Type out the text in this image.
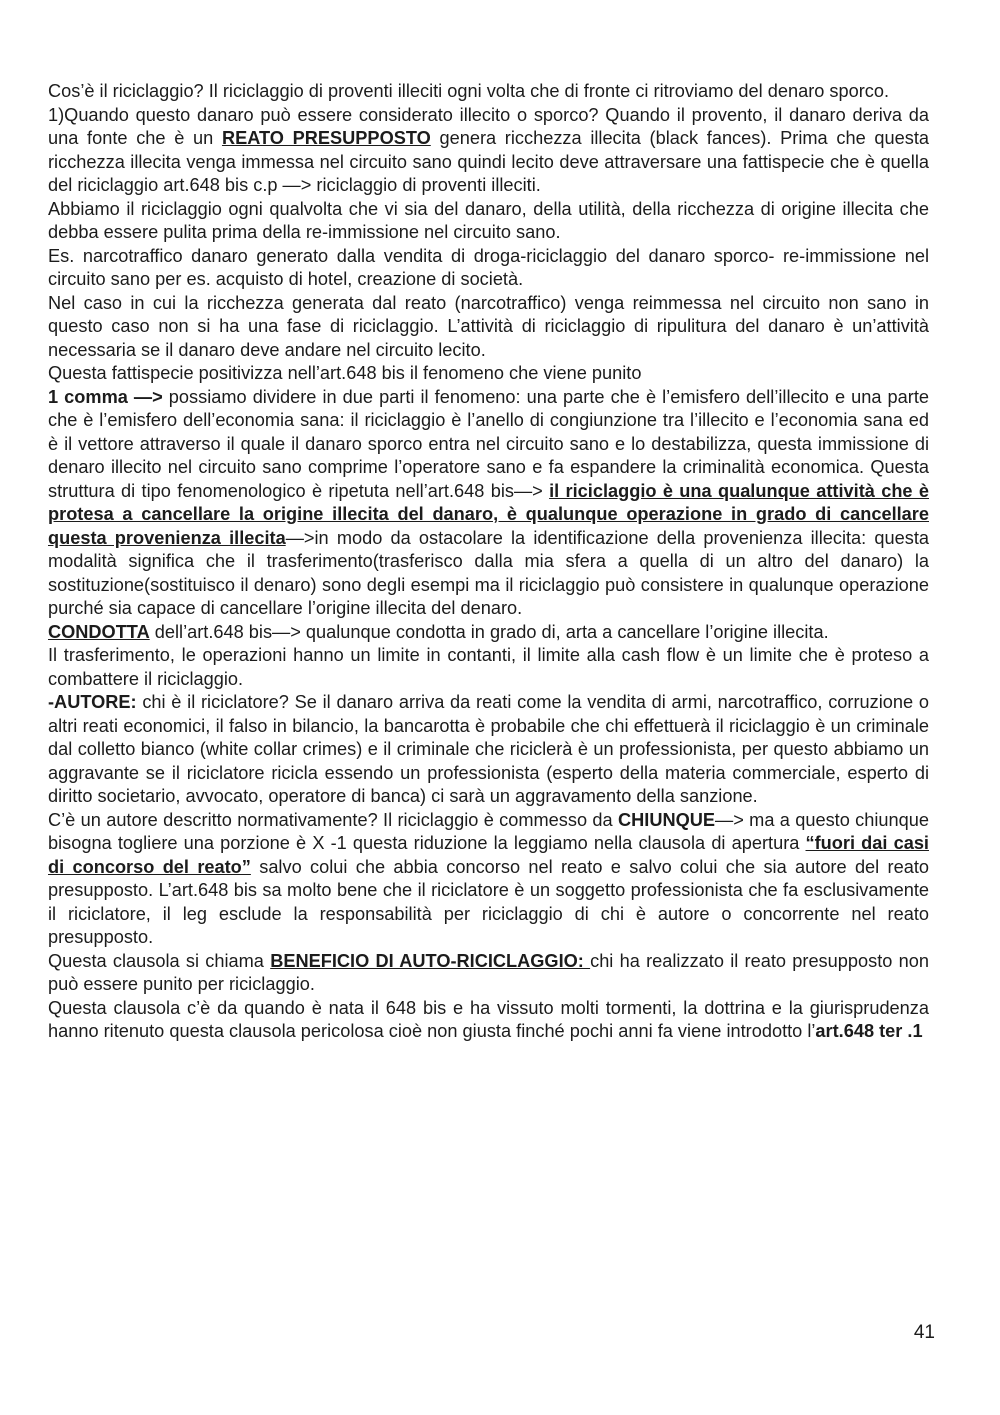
Cos’è il riciclaggio? Il riciclaggio di proventi illeciti ogni volta che di fronte ci ritroviamo del denaro sporco.

1)Quando questo danaro può essere considerato illecito o sporco? Quando il provento, il danaro deriva da una fonte che è un REATO PRESUPPOSTO genera ricchezza illecita (black fances). Prima che questa ricchezza illecita venga immessa nel circuito sano quindi lecito deve attraversare una fattispecie che è quella del riciclaggio art.648 bis c.p —> riciclaggio di proventi illeciti.

Abbiamo il riciclaggio ogni qualvolta che vi sia del danaro, della utilità, della ricchezza di origine illecita che debba essere pulita prima della re-immissione nel circuito sano.

Es. narcotraffico danaro generato dalla vendita di droga-riciclaggio del danaro sporco- re-immissione nel circuito sano per es. acquisto di hotel, creazione di società.

Nel caso in cui la ricchezza generata dal reato (narcotraffico) venga reimmessa nel circuito non sano in questo caso non si ha una fase di riciclaggio. L’attività di riciclaggio di ripulitura del danaro è un’attività necessaria se il danaro deve andare nel circuito lecito.

Questa fattispecie positivizza nell’art.648 bis il fenomeno che viene punito

1 comma —> possiamo dividere in due parti il fenomeno: una parte che è l’emisfero dell’illecito e una parte che è l’emisfero dell’economia sana: il riciclaggio è l’anello di congiunzione tra l’illecito e l’economia sana ed è il vettore attraverso il quale il danaro sporco entra nel circuito sano e lo destabilizza, questa immissione di denaro illecito nel circuito sano comprime l’operatore sano e fa espandere la criminalità economica. Questa struttura di tipo fenomenologico è ripetuta nell’art.648 bis—> il riciclaggio è una qualunque attività che è protesa a cancellare la origine illecita del danaro, è qualunque operazione in grado di cancellare questa provenienza illecita—>in modo da ostacolare la identificazione della provenienza illecita: questa modalità significa che il trasferimento(trasferisco dalla mia sfera a quella di un altro del danaro) la sostituzione(sostituisco il denaro) sono degli esempi ma il riciclaggio può consistere in qualunque operazione purché sia capace di cancellare l’origine illecita del denaro.

CONDOTTA dell’art.648 bis—> qualunque condotta in grado di, arta a cancellare l’origine illecita.

Il trasferimento, le operazioni hanno un limite in contanti, il limite alla cash flow è un limite che è proteso a combattere il riciclaggio.

-AUTORE: chi è il riciclatore? Se il danaro arriva da reati come la vendita di armi, narcotraffico, corruzione o altri reati economici, il falso in bilancio, la bancarotta è probabile che chi effettuerà il riciclaggio è un criminale dal colletto bianco (white collar crimes) e il criminale che riciclerà è un professionista, per questo abbiamo un aggravante se il riciclatore ricicla essendo un professionista (esperto della materia commerciale, esperto di diritto societario, avvocato, operatore di banca) ci sarà un aggravamento della sanzione.

C’è un autore descritto normativamente? Il riciclaggio è commesso da CHIUNQUE—> ma a questo chiunque bisogna togliere una porzione è X -1 questa riduzione la leggiamo nella clausola di apertura “fuori dai casi di concorso del reato” salvo colui che abbia concorso nel reato e salvo colui che sia autore del reato presupposto. L’art.648 bis sa molto bene che il riciclatore è un soggetto professionista che fa esclusivamente il riciclatore, il leg esclude la responsabilità per riciclaggio di chi è autore o concorrente nel reato presupposto.

Questa clausola si chiama BENEFICIO DI AUTO-RICICLAGGIO: chi ha realizzato il reato presupposto non può essere punito per riciclaggio.

Questa clausola c’è da quando è nata il 648 bis e ha vissuto molti tormenti, la dottrina e la giurisprudenza hanno ritenuto questa clausola pericolosa cioè non giusta finché pochi anni fa viene introdotto l’art.648 ter .1

41
